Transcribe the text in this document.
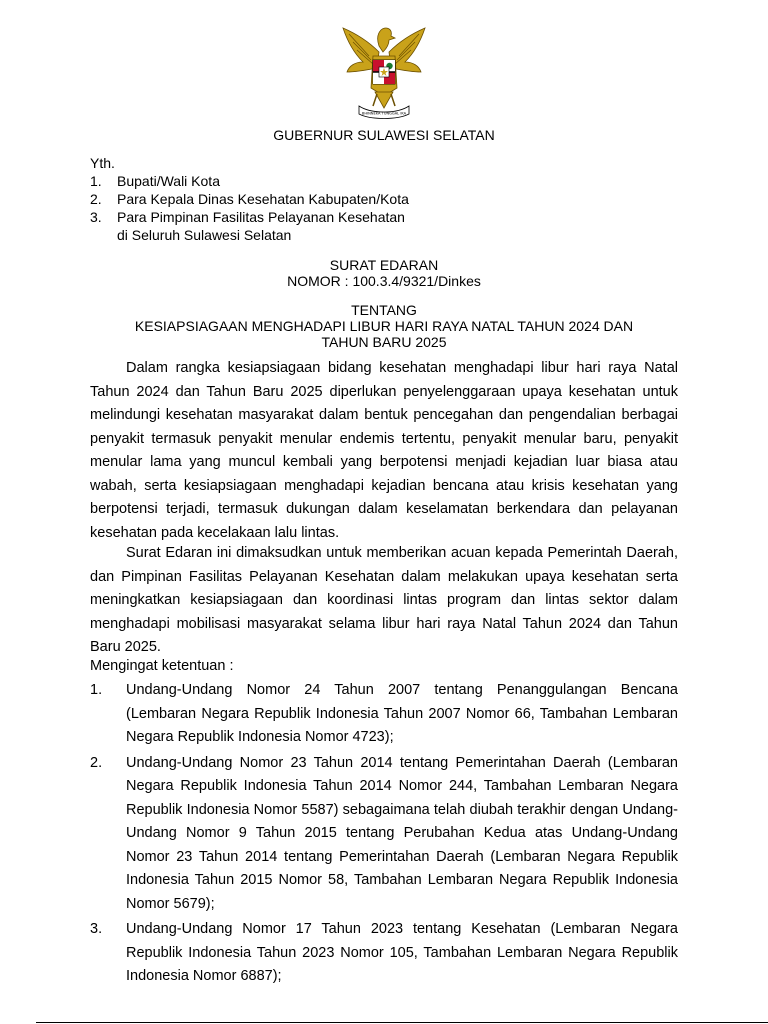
BHINNEKA TUNGGAL IKA
GUBERNUR SULAWESI SELATAN
Yth.
1.	Bupati/Wali Kota
2.	Para Kepala Dinas Kesehatan Kabupaten/Kota
3.	Para Pimpinan Fasilitas Pelayanan Kesehatan
di Seluruh Sulawesi Selatan
SURAT EDARAN
NOMOR : 100.3.4/9321/Dinkes
TENTANG
KESIAPSIAGAAN MENGHADAPI LIBUR HARI RAYA NATAL TAHUN 2024 DAN
TAHUN BARU 2025
Dalam rangka kesiapsiagaan bidang kesehatan menghadapi libur hari raya Natal Tahun 2024 dan Tahun Baru 2025 diperlukan penyelenggaraan upaya kesehatan untuk melindungi kesehatan masyarakat dalam bentuk pencegahan dan pengendalian berbagai penyakit termasuk penyakit menular endemis tertentu, penyakit menular baru, penyakit menular lama yang muncul kembali yang berpotensi menjadi kejadian luar biasa atau wabah, serta kesiapsiagaan menghadapi kejadian bencana atau krisis kesehatan yang berpotensi terjadi, termasuk dukungan dalam keselamatan berkendara dan pelayanan kesehatan pada kecelakaan lalu lintas.
Surat Edaran ini dimaksudkan untuk memberikan acuan kepada Pemerintah Daerah, dan Pimpinan Fasilitas Pelayanan Kesehatan dalam melakukan upaya kesehatan serta meningkatkan kesiapsiagaan dan koordinasi lintas program dan lintas sektor dalam menghadapi mobilisasi masyarakat selama libur hari raya Natal Tahun 2024 dan Tahun Baru 2025.
Mengingat ketentuan :
1.	Undang-Undang Nomor 24 Tahun 2007 tentang Penanggulangan Bencana (Lembaran Negara Republik Indonesia Tahun 2007 Nomor 66, Tambahan Lembaran Negara Republik Indonesia Nomor 4723);
2.	Undang-Undang Nomor 23 Tahun 2014 tentang Pemerintahan Daerah (Lembaran Negara Republik Indonesia Tahun 2014 Nomor 244, Tambahan Lembaran Negara Republik Indonesia Nomor 5587) sebagaimana telah diubah terakhir dengan Undang-Undang Nomor 9 Tahun 2015 tentang Perubahan Kedua atas Undang-Undang Nomor 23 Tahun 2014 tentang Pemerintahan Daerah (Lembaran Negara Republik Indonesia Tahun 2015 Nomor 58, Tambahan Lembaran Negara Republik Indonesia Nomor 5679);
3.	Undang-Undang Nomor 17 Tahun 2023 tentang Kesehatan (Lembaran Negara Republik Indonesia Tahun 2023 Nomor 105, Tambahan Lembaran Negara Republik Indonesia Nomor 6887);
